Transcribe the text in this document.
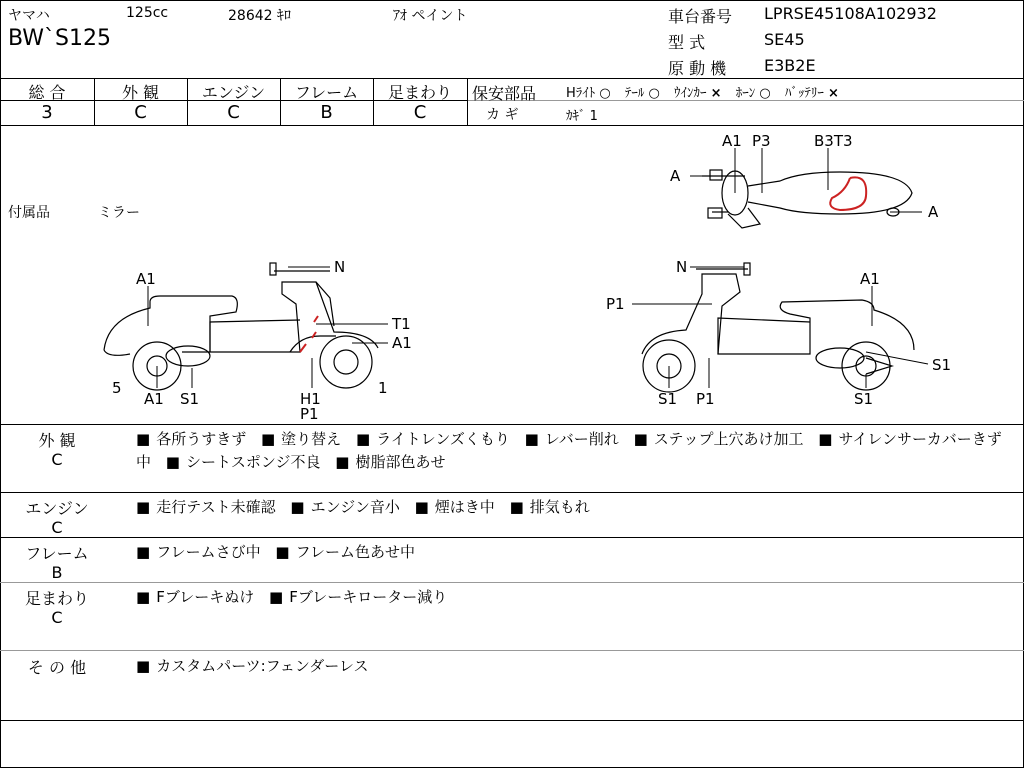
ヤマハ	125cc	28642 ｷﾛ	ｱｵ ペイント
BW`S125
車台番号 LPRSE45108A102932
型 式	SE45
原 動 機 E3B2E
総 合	外 観	エンジン	フレーム	足まわり
3	C	C	B	C
保安部品 Hﾗｲﾄ ○ ﾃｰﾙ ○ ｳｲﾝｶｰ × ﾎｰﾝ ○ ﾊﾞｯﾃﾘｰ ×
カ ギ	ｶｷﾞ 1
付属品	ミラー
A1 P3	B3T3
A
A
A1
N
T1
A1
5
A1 S1	H1
P1
1
N
A1
P1
S1
S1 P1	S1
外 観
C
■ 各所うすきず ■ 塗り替え ■ ライトレンズくもり ■ レバー削れ ■ ステップ上穴あけ加工 ■ サイレンサーカバーきず中 ■ シートスポンジ不良 ■ 樹脂部色あせ
エンジン
C
■ 走行テスト未確認 ■ エンジン音小 ■ 煙はき中 ■ 排気もれ
フレーム
B
■ フレームさび中 ■ フレーム色あせ中
足まわり
C
■ Fブレーキぬけ ■ Fブレーキローター減り
そ の 他	■ カスタムパーツ:フェンダーレス
